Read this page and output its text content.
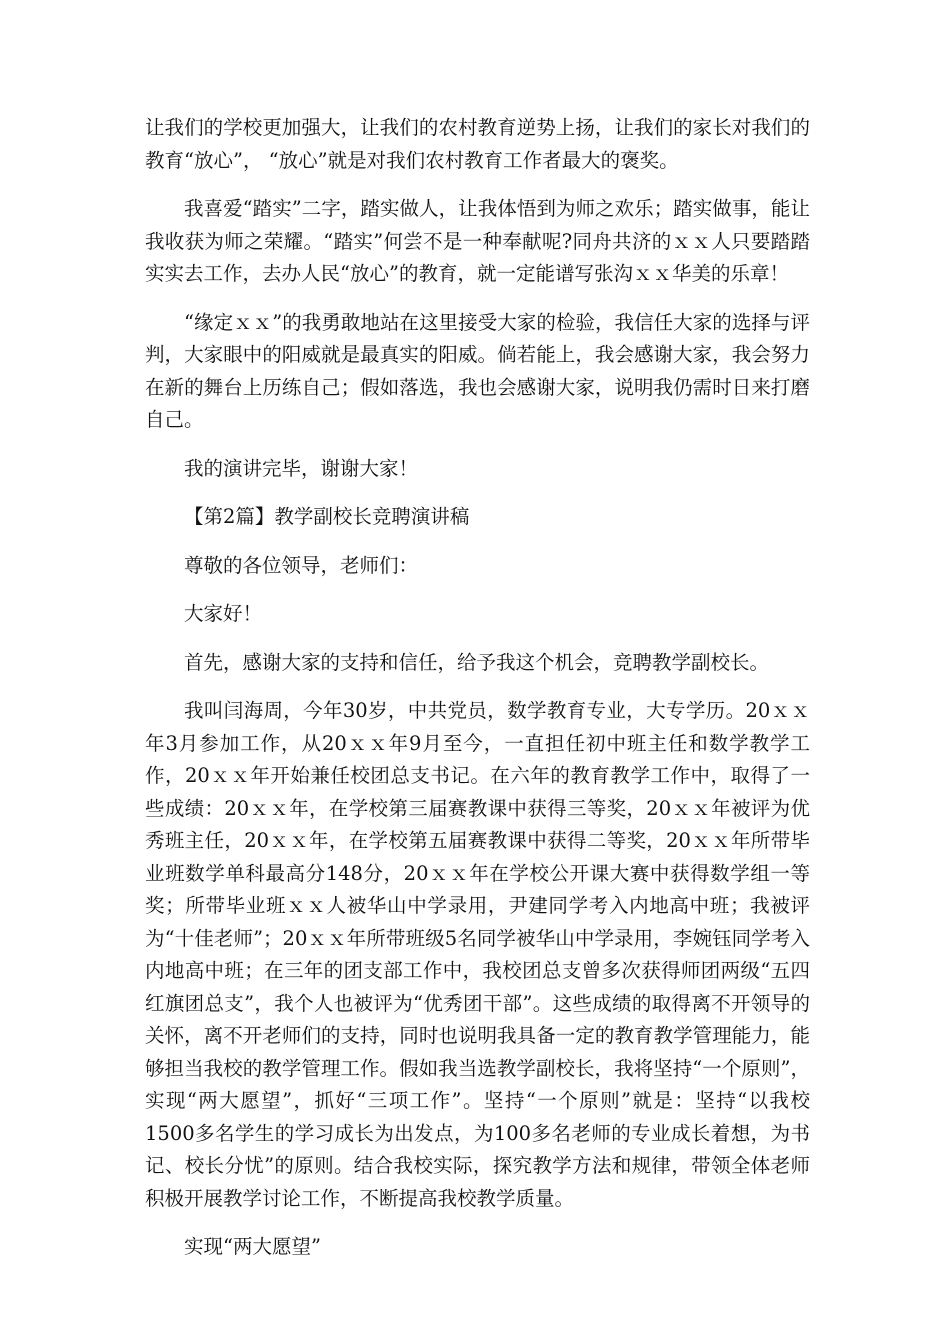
让我们的学校更加强大，让我们的农村教育逆势上扬，让我们的家长对我们的教育“放心”， “放心”就是对我们农村教育工作者最大的褒奖。

我喜爱“踏实”二字，踏实做人，让我体悟到为师之欢乐；踏实做事，能让我收获为师之荣耀。“踏实”何尝不是一种奉献呢?同舟共济的ｘｘ人只要踏踏实实去工作，去办人民“放心”的教育，就一定能谱写张沟ｘｘ华美的乐章！

“缘定ｘｘ”的我勇敢地站在这里接受大家的检验，我信任大家的选择与评判，大家眼中的阳威就是最真实的阳威。倘若能上，我会感谢大家，我会努力在新的舞台上历练自己；假如落选，我也会感谢大家，说明我仍需时日来打磨自己。

我的演讲完毕，谢谢大家！

【第2篇】教学副校长竞聘演讲稿

尊敬的各位领导，老师们：

大家好！

首先，感谢大家的支持和信任，给予我这个机会，竞聘教学副校长。

我叫闫海周，今年30岁，中共党员，数学教育专业，大专学历。20ｘｘ年3月参加工作，从20ｘｘ年9月至今，一直担任初中班主任和数学教学工作，20ｘｘ年开始兼任校团总支书记。在六年的教育教学工作中，取得了一些成绩：20ｘｘ年，在学校第三届赛教课中获得三等奖，20ｘｘ年被评为优秀班主任，20ｘｘ年，在学校第五届赛教课中获得二等奖，20ｘｘ年所带毕业班数学单科最高分148分，20ｘｘ年在学校公开课大赛中获得数学组一等奖；所带毕业班ｘｘ人被华山中学录用，尹建同学考入内地高中班；我被评为“十佳老师”；20ｘｘ年所带班级5名同学被华山中学录用，李婉钰同学考入内地高中班；在三年的团支部工作中，我校团总支曾多次获得师团两级“五四红旗团总支”，我个人也被评为“优秀团干部”。这些成绩的取得离不开领导的关怀，离不开老师们的支持，同时也说明我具备一定的教育教学管理能力，能够担当我校的教学管理工作。假如我当选教学副校长，我将坚持“一个原则”，实现“两大愿望”，抓好“三项工作”。坚持“一个原则”就是：坚持“以我校1500多名学生的学习成长为出发点，为100多名老师的专业成长着想，为书记、校长分忧”的原则。结合我校实际，探究教学方法和规律，带领全体老师积极开展教学讨论工作，不断提高我校教学质量。

实现“两大愿望”
